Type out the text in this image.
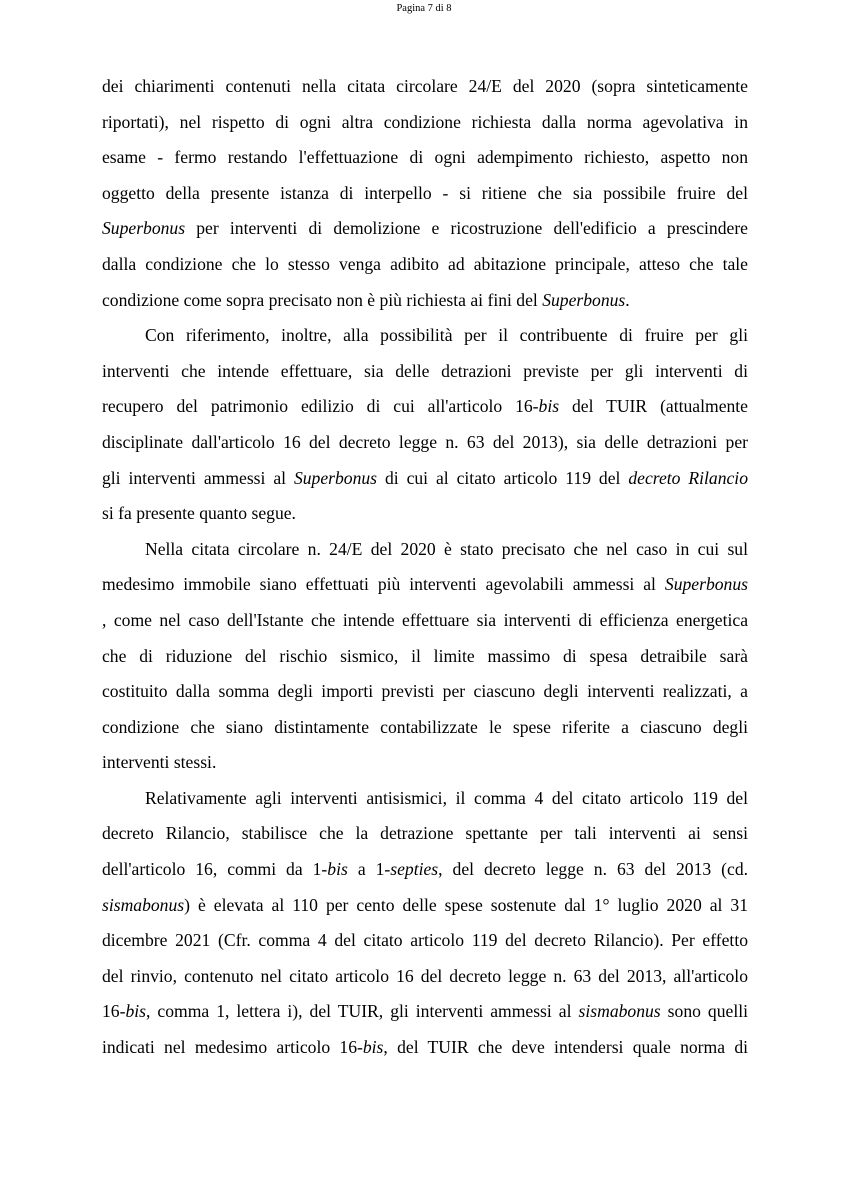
Pagina 7 di 8
dei chiarimenti contenuti nella citata circolare 24/E del 2020 (sopra sinteticamente
riportati), nel rispetto di ogni altra condizione richiesta dalla norma agevolativa in
esame - fermo restando l'effettuazione di ogni adempimento richiesto, aspetto non
oggetto della presente istanza di interpello - si ritiene che sia possibile fruire del
Superbonus per interventi di demolizione e ricostruzione dell'edificio a prescindere
dalla condizione che lo stesso venga adibito ad abitazione principale, atteso che tale
condizione come sopra precisato non è più richiesta ai fini del Superbonus.
Con riferimento, inoltre, alla possibilità per il contribuente di fruire per gli
interventi che intende effettuare, sia delle detrazioni previste per gli interventi di
recupero del patrimonio edilizio di cui all'articolo 16-bis del TUIR (attualmente
disciplinate dall'articolo 16 del decreto legge n. 63 del 2013), sia delle detrazioni per
gli interventi ammessi al Superbonus di cui al citato articolo 119 del decreto Rilancio
si fa presente quanto segue.
Nella citata circolare n. 24/E del 2020 è stato precisato che nel caso in cui sul
medesimo immobile siano effettuati più interventi agevolabili ammessi al Superbonus
, come nel caso dell'Istante che intende effettuare sia interventi di efficienza energetica
che di riduzione del rischio sismico, il limite massimo di spesa detraibile sarà
costituito dalla somma degli importi previsti per ciascuno degli interventi realizzati, a
condizione che siano distintamente contabilizzate le spese riferite a ciascuno degli
interventi stessi.
Relativamente agli interventi antisismici, il comma 4 del citato articolo 119 del
decreto Rilancio, stabilisce che la detrazione spettante per tali interventi ai sensi
dell'articolo 16, commi da 1-bis a 1-septies, del decreto legge n. 63 del 2013 (cd.
sismabonus) è elevata al 110 per cento delle spese sostenute dal 1° luglio 2020 al 31
dicembre 2021 (Cfr. comma 4 del citato articolo 119 del decreto Rilancio). Per effetto
del rinvio, contenuto nel citato articolo 16 del decreto legge n. 63 del 2013, all'articolo
16-bis, comma 1, lettera i), del TUIR, gli interventi ammessi al sismabonus sono quelli
indicati nel medesimo articolo 16-bis, del TUIR che deve intendersi quale norma di
